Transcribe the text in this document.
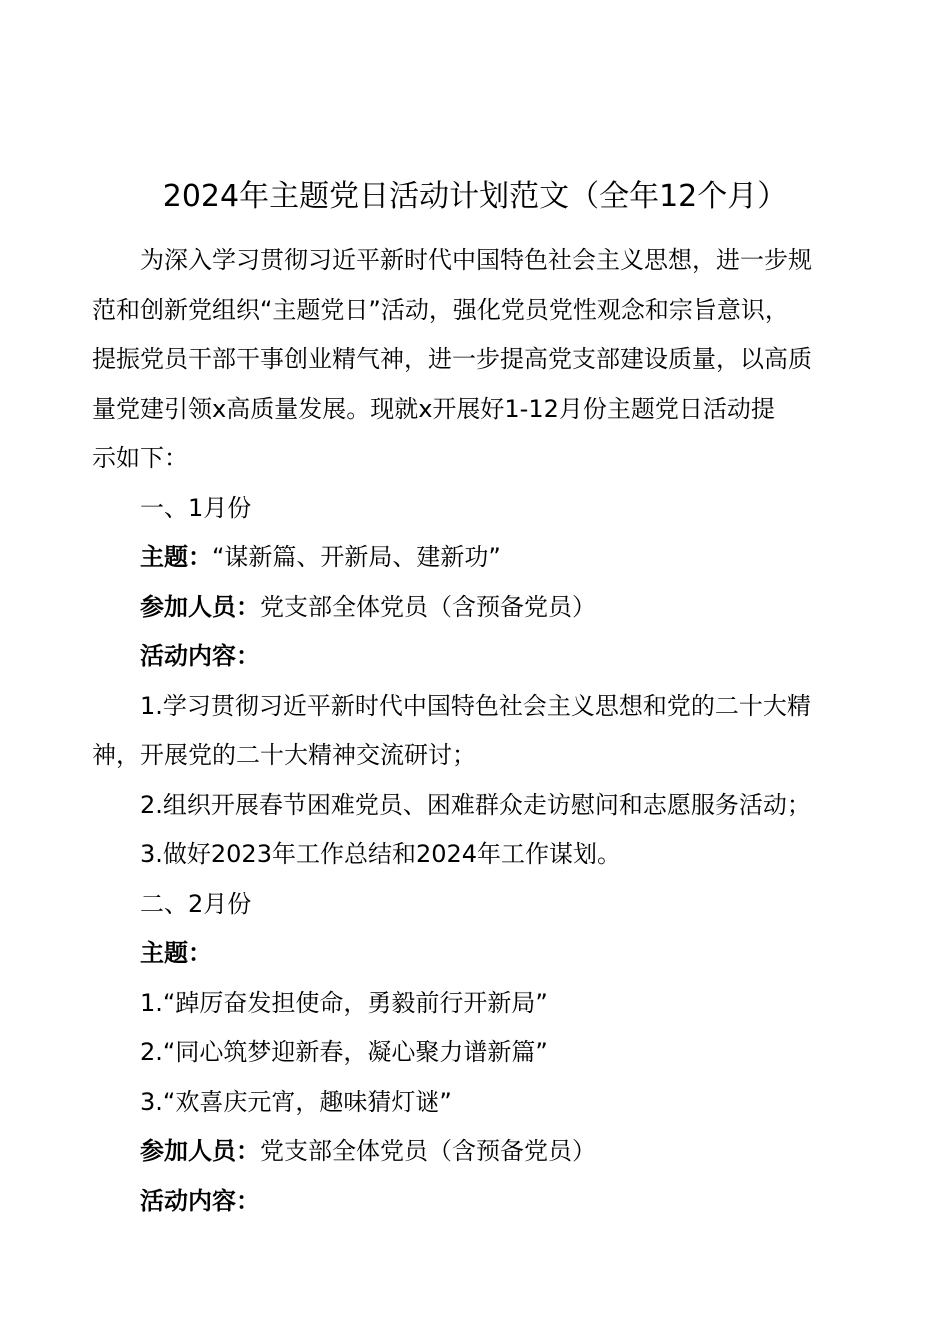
2024年主题党日活动计划范文（全年12个月）

　　为深入学习贯彻习近平新时代中国特色社会主义思想，进一步规

范和创新党组织“主题党日”活动，强化党员党性观念和宗旨意识，

提振党员干部干事创业精气神，进一步提高党支部建设质量，以高质

量党建引领x高质量发展。现就x开展好1-12月份主题党日活动提

示如下：

一、1月份

主题：“谋新篇、开新局、建新功”

参加人员：党支部全体党员（含预备党员）

活动内容：

1.学习贯彻习近平新时代中国特色社会主义思想和党的二十大精

神，开展党的二十大精神交流研讨；

2.组织开展春节困难党员、困难群众走访慰问和志愿服务活动；

3.做好2023年工作总结和2024年工作谋划。

二、2月份

主题：

1.“踔厉奋发担使命，勇毅前行开新局”

2.“同心筑梦迎新春，凝心聚力谱新篇”

3.“欢喜庆元宵，趣味猜灯谜”

参加人员：党支部全体党员（含预备党员）

活动内容：
